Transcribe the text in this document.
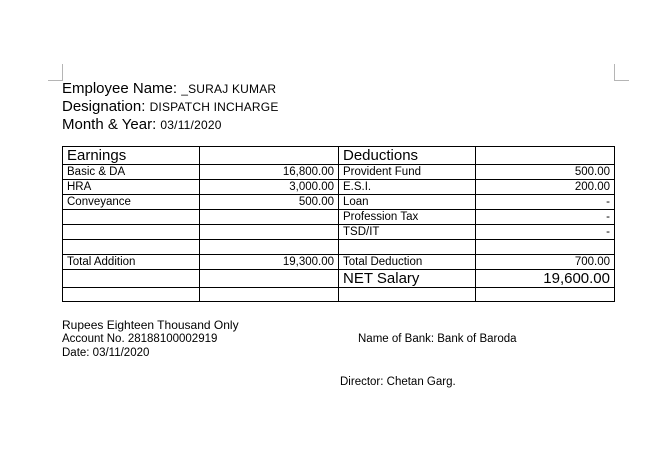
Employee Name: _SURAJ KUMAR
Designation: DISPATCH INCHARGE
Month & Year: 03/11/2020
Earnings		Deductions	
Basic & DA	16,800.00	Provident Fund	500.00
HRA	3,000.00	E.S.I.	200.00
Conveyance	500.00	Loan	-
		Profession Tax	-
		TSD/IT	-

Total Addition	19,300.00	Total Deduction	700.00
		NET Salary	19,600.00

Rupees Eighteen Thousand Only
Account No. 28188100002919
Date: 03/11/2020
Name of Bank: Bank of Baroda
Director: Chetan Garg.
